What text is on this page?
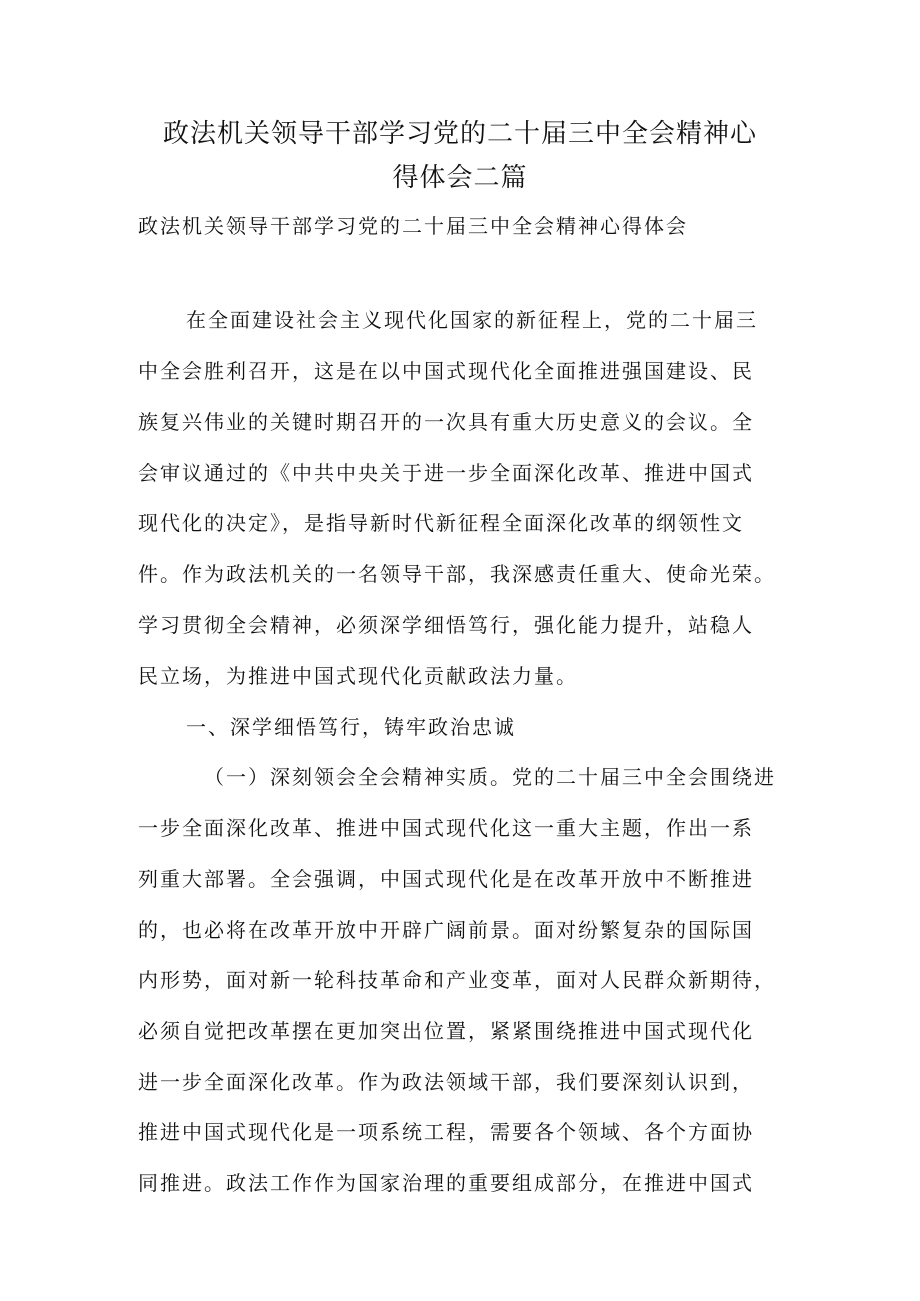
政法机关领导干部学习党的二十届三中全会精神心
得体会二篇

政法机关领导干部学习党的二十届三中全会精神心得体会

在全面建设社会主义现代化国家的新征程上，党的二十届三

中全会胜利召开，这是在以中国式现代化全面推进强国建设、民

族复兴伟业的关键时期召开的一次具有重大历史意义的会议。全

会审议通过的《中共中央关于进一步全面深化改革、推进中国式

现代化的决定》，是指导新时代新征程全面深化改革的纲领性文

件。作为政法机关的一名领导干部，我深感责任重大、使命光荣。

学习贯彻全会精神，必须深学细悟笃行，强化能力提升，站稳人

民立场，为推进中国式现代化贡献政法力量。

一、深学细悟笃行，铸牢政治忠诚

（一）深刻领会全会精神实质。党的二十届三中全会围绕进

一步全面深化改革、推进中国式现代化这一重大主题，作出一系

列重大部署。全会强调，中国式现代化是在改革开放中不断推进

的，也必将在改革开放中开辟广阔前景。面对纷繁复杂的国际国

内形势，面对新一轮科技革命和产业变革，面对人民群众新期待，

必须自觉把改革摆在更加突出位置，紧紧围绕推进中国式现代化

进一步全面深化改革。作为政法领域干部，我们要深刻认识到，

推进中国式现代化是一项系统工程，需要各个领域、各个方面协

同推进。政法工作作为国家治理的重要组成部分，在推进中国式
